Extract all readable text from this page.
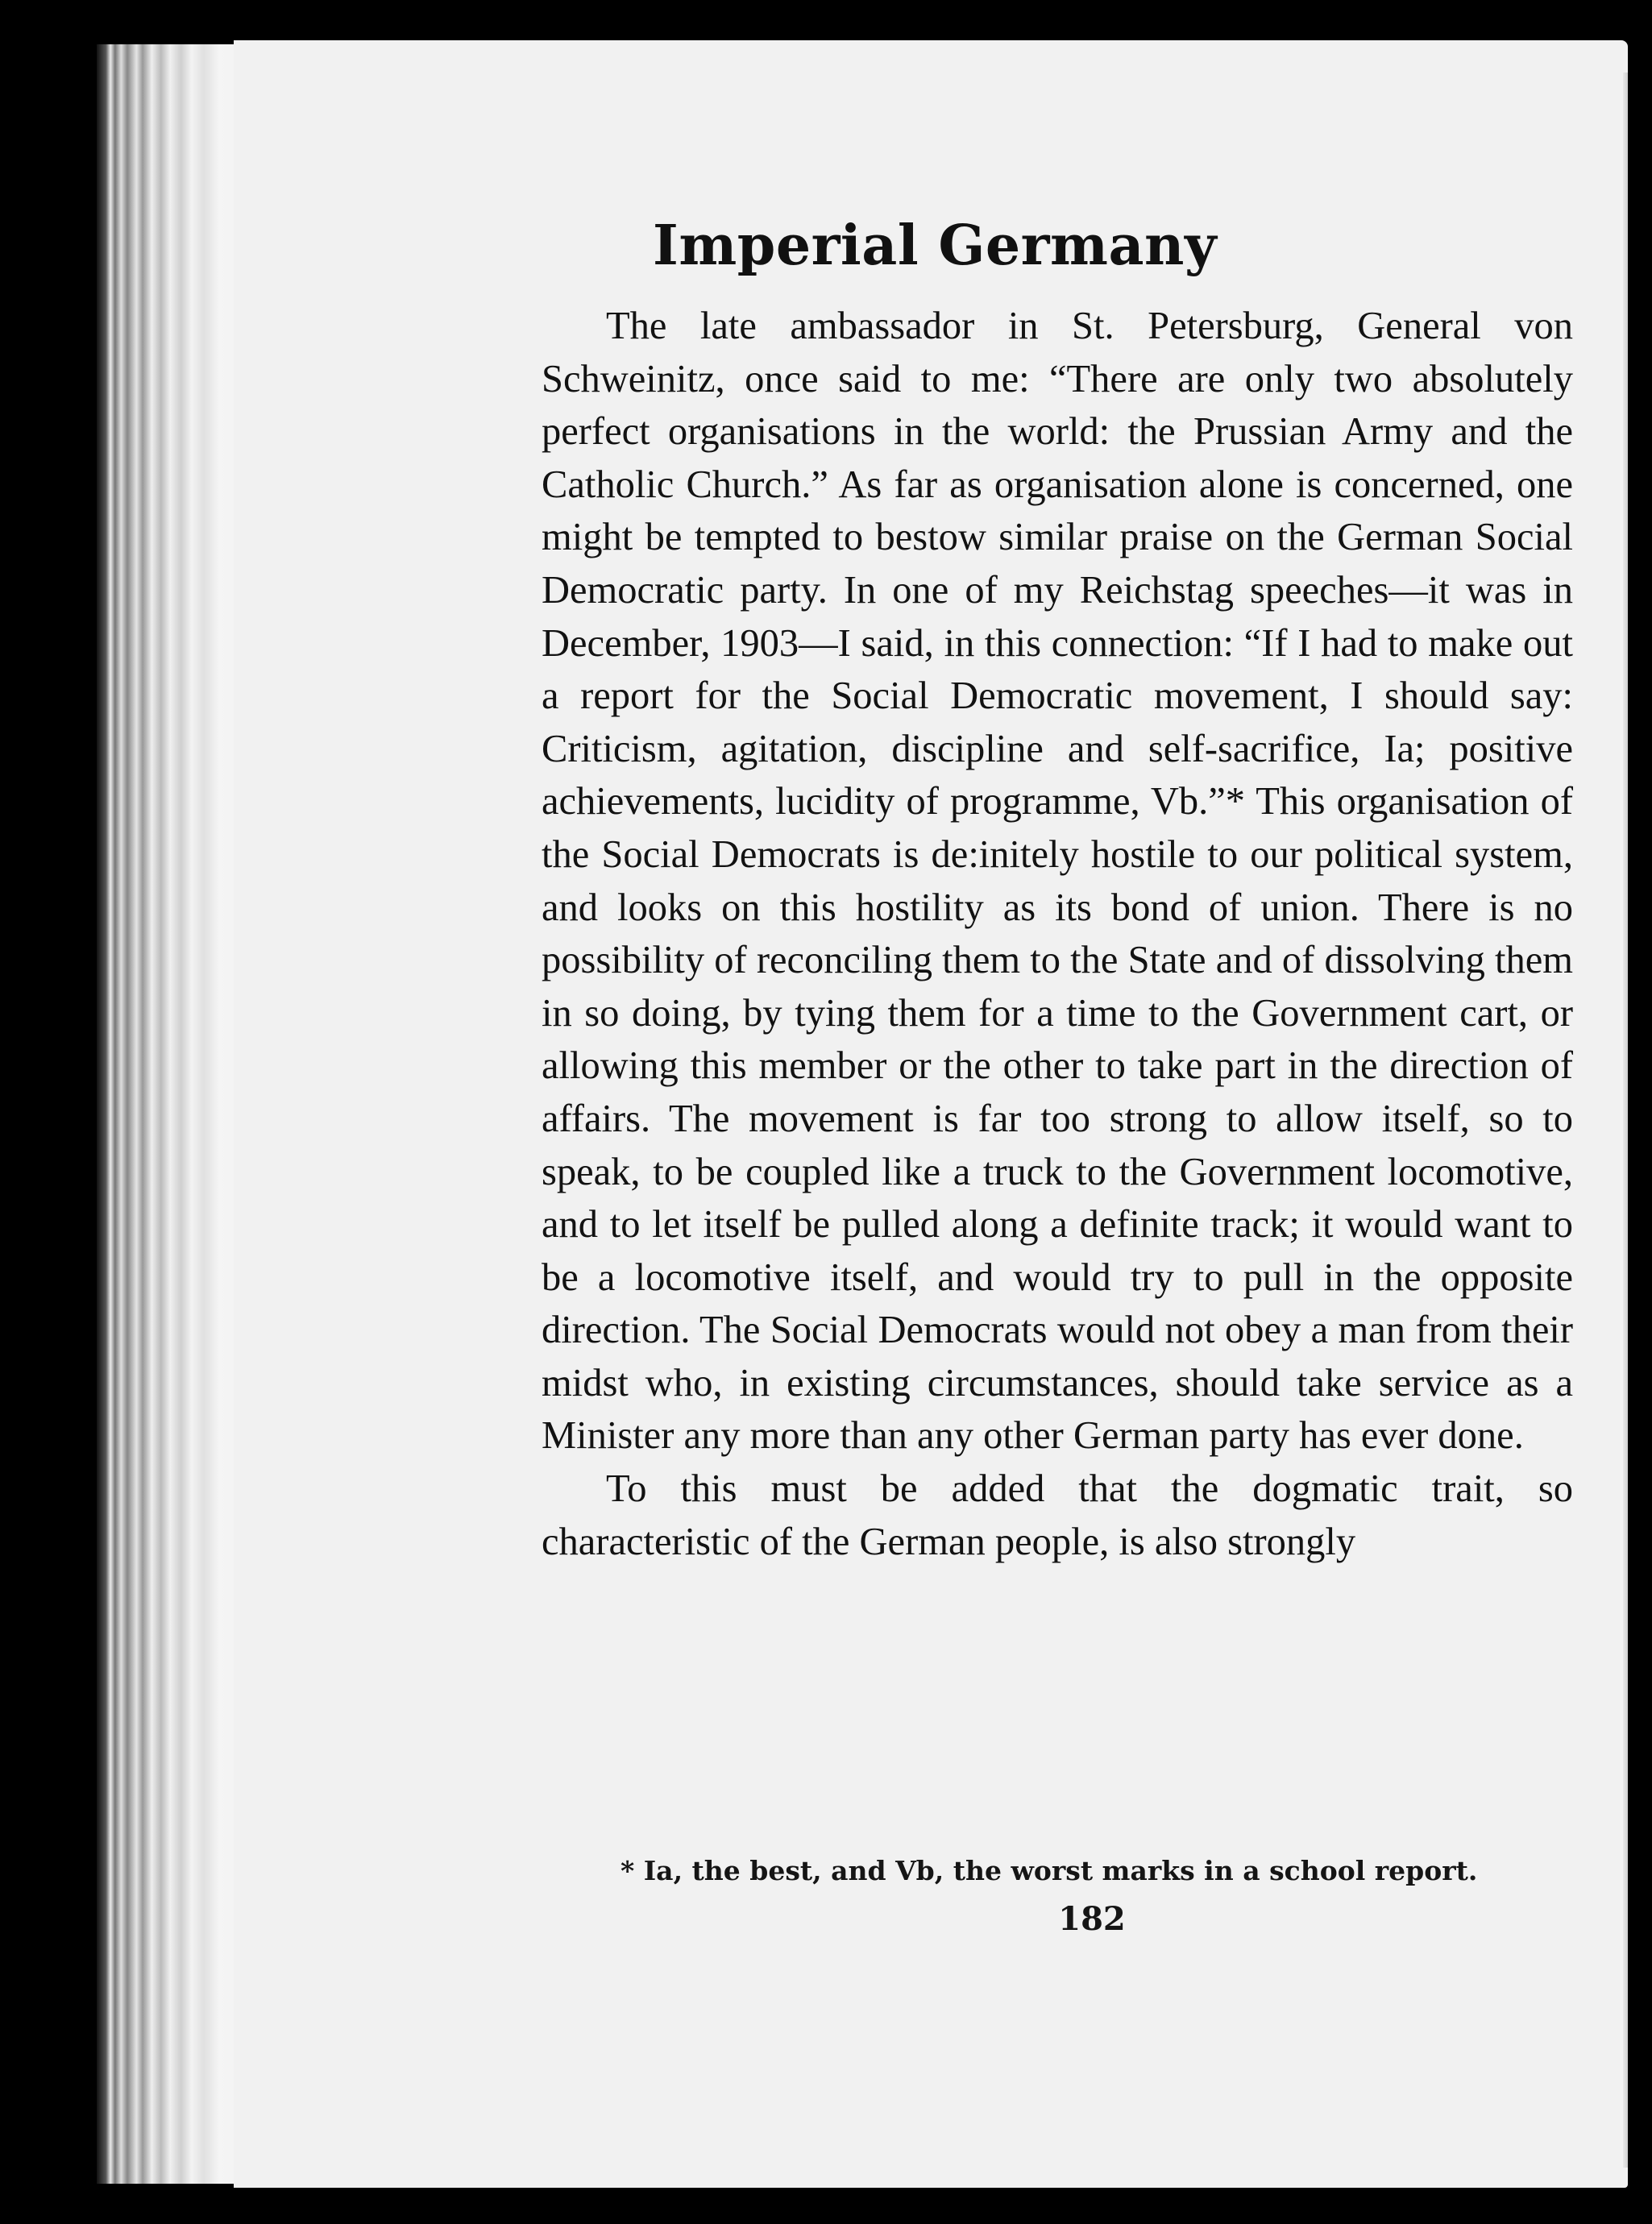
Imperial Germany

The late ambassador in St. Petersburg, General von Schweinitz, once said to me: “There are only two absolutely perfect organisations in the world: the Prussian Army and the Catholic Church.” As far as organisation alone is concerned, one might be tempted to bestow similar praise on the German Social Democratic party. In one of my Reichstag speeches—it was in December, 1903—I said, in this connection: “If I had to make out a report for the Social Democratic movement, I should say: Criticism, agitation, discipline and self-sacrifice, Ia; positive achievements, lucidity of programme, Vb.”* This organisation of the Social Democrats is de:initely hostile to our political system, and looks on this hostility as its bond of union. There is no possibility of reconciling them to the State and of dissolving them in so doing, by tying them for a time to the Government cart, or allowing this member or the other to take part in the direction of affairs. The movement is far too strong to allow itself, so to speak, to be coupled like a truck to the Government locomotive, and to let itself be pulled along a definite track; it would want to be a locomotive itself, and would try to pull in the opposite direction. The Social Democrats would not obey a man from their midst who, in existing circumstances, should take service as a Minister any more than any other German party has ever done.

To this must be added that the dogmatic trait, so characteristic of the German people, is also strongly

* Ia, the best, and Vb, the worst marks in a school report.
182
